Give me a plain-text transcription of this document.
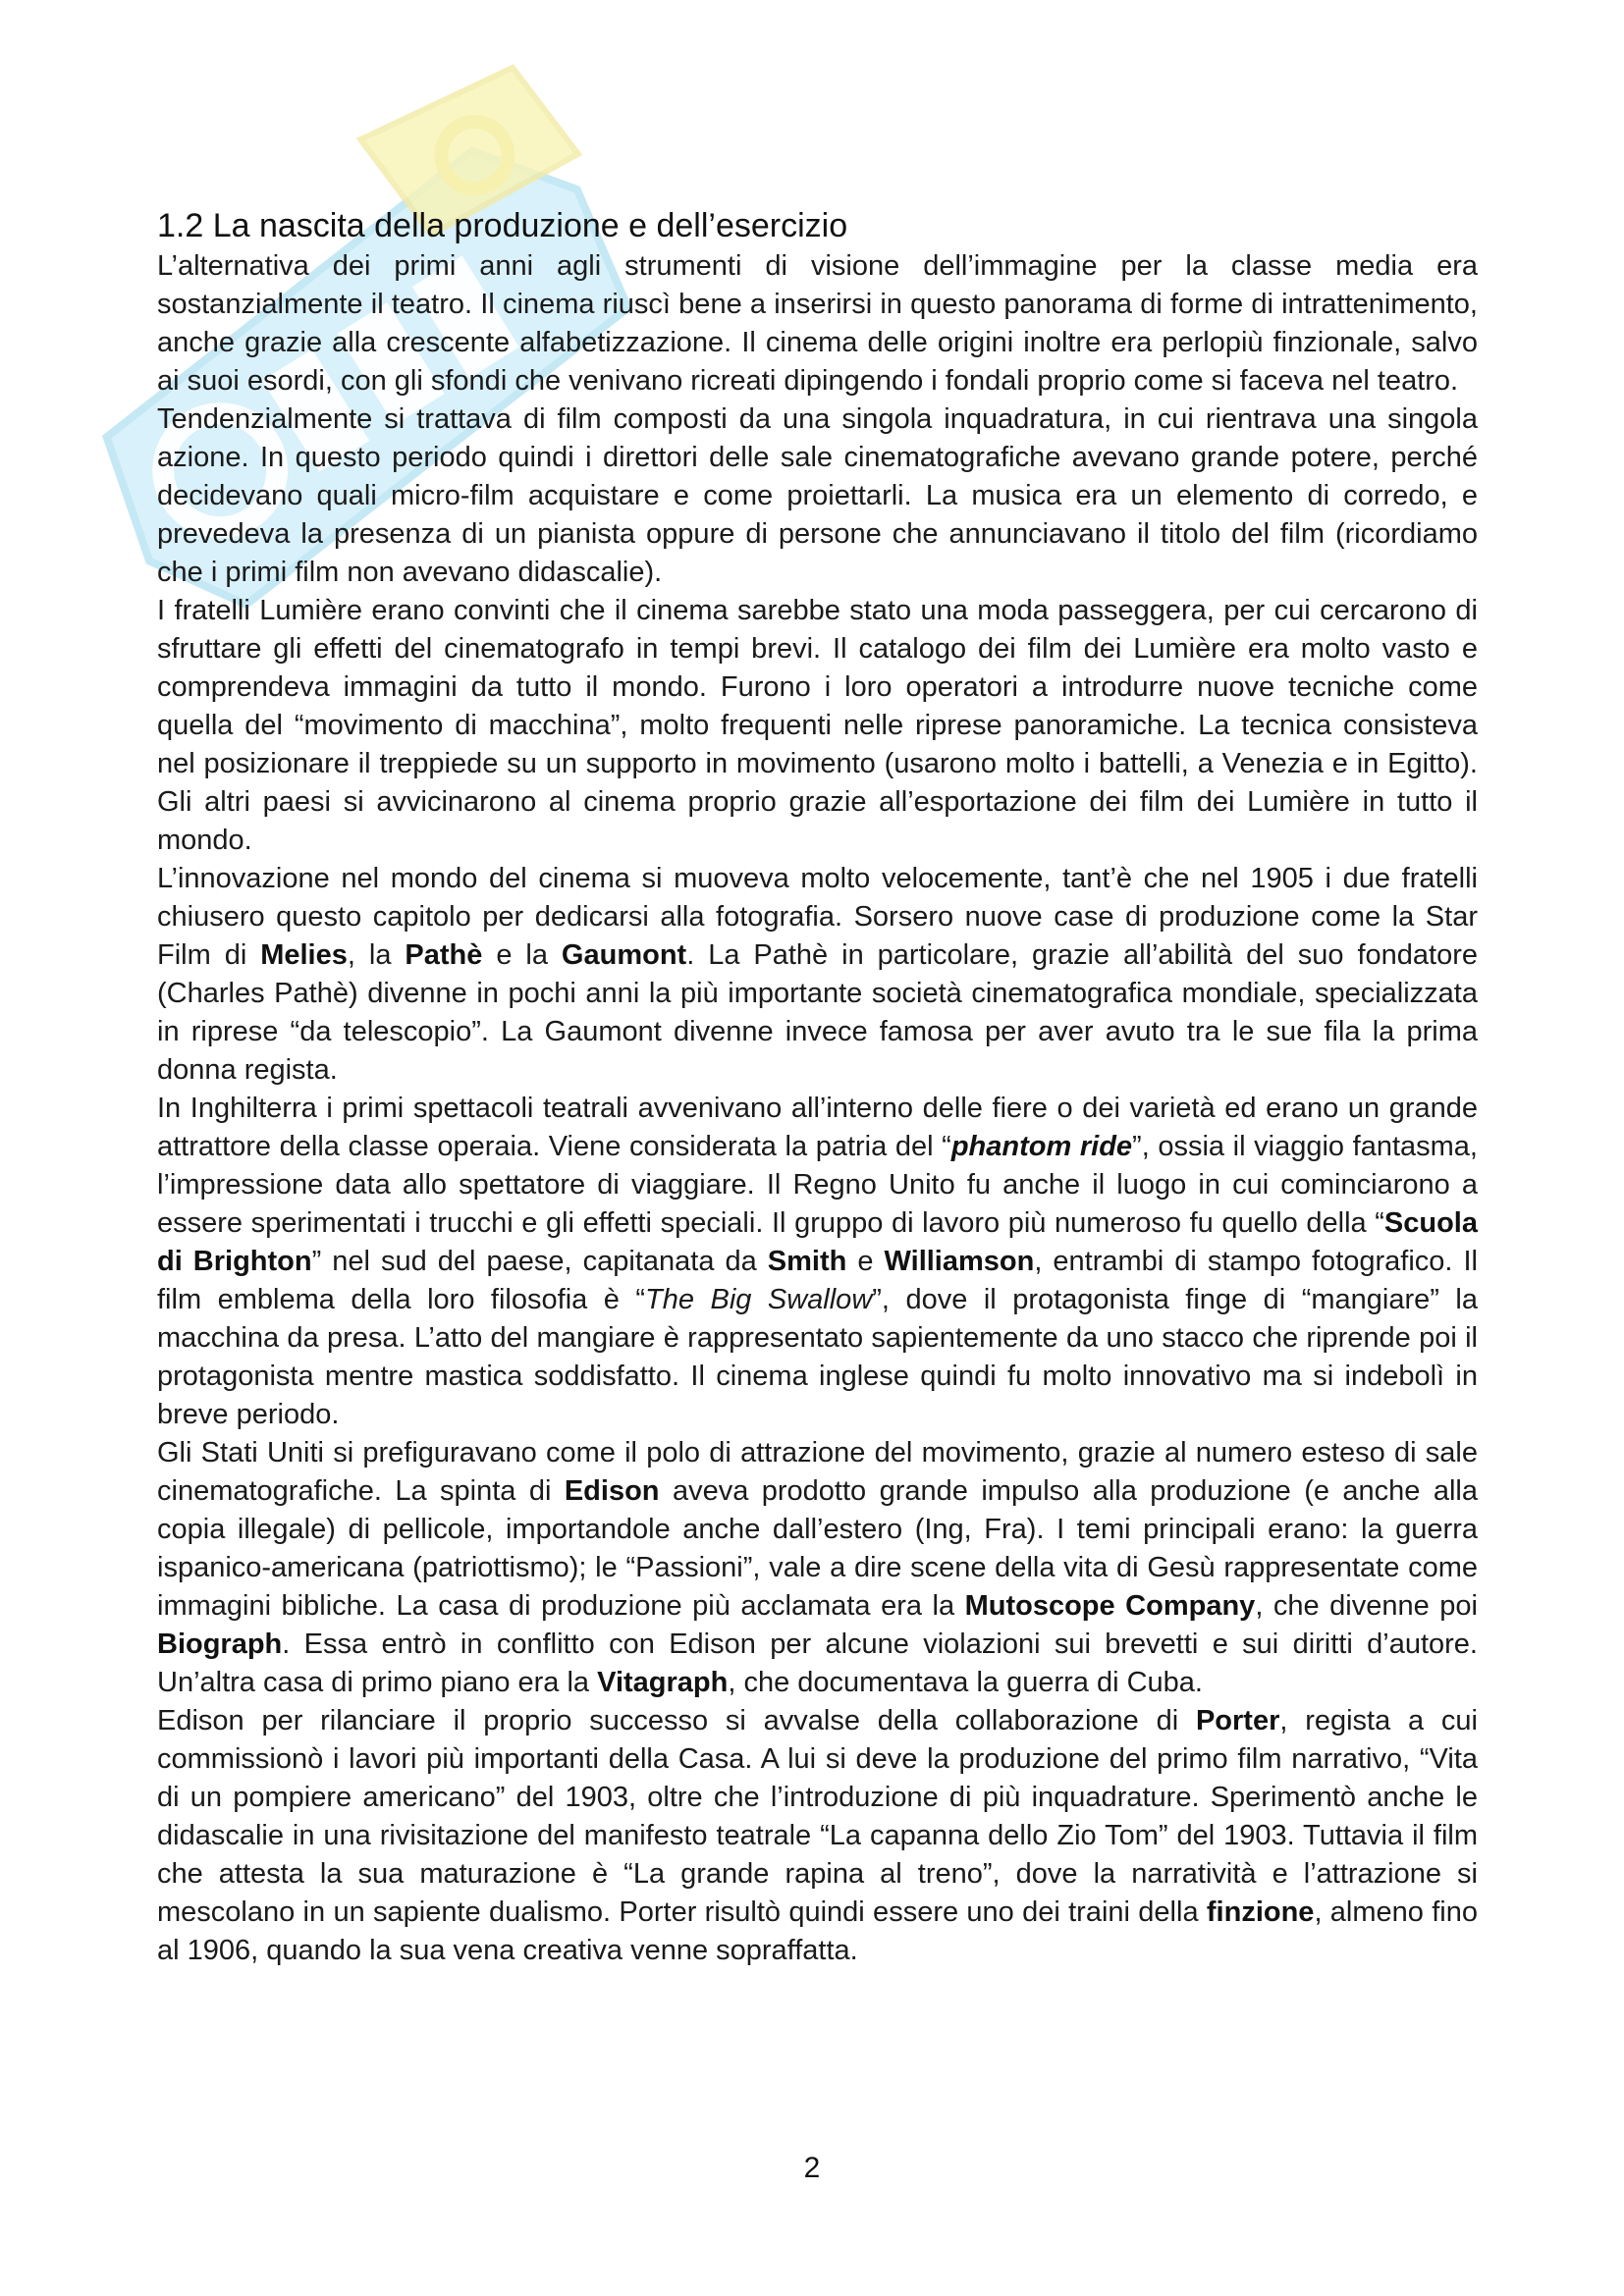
1.2 La nascita della produzione e dell’esercizio

L’alternativa dei primi anni agli strumenti di visione dell’immagine per la classe media era sostanzialmente il teatro. Il cinema riuscì bene a inserirsi in questo panorama di forme di intrattenimento, anche grazie alla crescente alfabetizzazione. Il cinema delle origini inoltre era perlopiù finzionale, salvo ai suoi esordi, con gli sfondi che venivano ricreati dipingendo i fondali proprio come si faceva nel teatro.

Tendenzialmente si trattava di film composti da una singola inquadratura, in cui rientrava una singola azione. In questo periodo quindi i direttori delle sale cinematografiche avevano grande potere, perché decidevano quali micro-film acquistare e come proiettarli. La musica era un elemento di corredo, e prevedeva la presenza di un pianista oppure di persone che annunciavano il titolo del film (ricordiamo che i primi film non avevano didascalie).

I fratelli Lumière erano convinti che il cinema sarebbe stato una moda passeggera, per cui cercarono di sfruttare gli effetti del cinematografo in tempi brevi. Il catalogo dei film dei Lumière era molto vasto e comprendeva immagini da tutto il mondo. Furono i loro operatori a introdurre nuove tecniche come quella del “movimento di macchina”, molto frequenti nelle riprese panoramiche. La tecnica consisteva nel posizionare il treppiede su un supporto in movimento (usarono molto i battelli, a Venezia e in Egitto). Gli altri paesi si avvicinarono al cinema proprio grazie all’esportazione dei film dei Lumière in tutto il mondo.

L’innovazione nel mondo del cinema si muoveva molto velocemente, tant’è che nel 1905 i due fratelli chiusero questo capitolo per dedicarsi alla fotografia. Sorsero nuove case di produzione come la Star Film di Melies, la Pathè e la Gaumont. La Pathè in particolare, grazie all’abilità del suo fondatore (Charles Pathè) divenne in pochi anni la più importante società cinematografica mondiale, specializzata in riprese “da telescopio”. La Gaumont divenne invece famosa per aver avuto tra le sue fila la prima donna regista.

In Inghilterra i primi spettacoli teatrali avvenivano all’interno delle fiere o dei varietà ed erano un grande attrattore della classe operaia. Viene considerata la patria del “phantom ride”, ossia il viaggio fantasma, l’impressione data allo spettatore di viaggiare. Il Regno Unito fu anche il luogo in cui cominciarono a essere sperimentati i trucchi e gli effetti speciali. Il gruppo di lavoro più numeroso fu quello della “Scuola di Brighton” nel sud del paese, capitanata da Smith e Williamson, entrambi di stampo fotografico. Il film emblema della loro filosofia è “The Big Swallow”, dove il protagonista finge di “mangiare” la macchina da presa. L’atto del mangiare è rappresentato sapientemente da uno stacco che riprende poi il protagonista mentre mastica soddisfatto. Il cinema inglese quindi fu molto innovativo ma si indebolì in breve periodo.

Gli Stati Uniti si prefiguravano come il polo di attrazione del movimento, grazie al numero esteso di sale cinematografiche. La spinta di Edison aveva prodotto grande impulso alla produzione (e anche alla copia illegale) di pellicole, importandole anche dall’estero (Ing, Fra). I temi principali erano: la guerra ispanico-americana (patriottismo); le “Passioni”, vale a dire scene della vita di Gesù rappresentate come immagini bibliche. La casa di produzione più acclamata era la Mutoscope Company, che divenne poi Biograph. Essa entrò in conflitto con Edison per alcune violazioni sui brevetti e sui diritti d’autore. Un’altra casa di primo piano era la Vitagraph, che documentava la guerra di Cuba.

Edison per rilanciare il proprio successo si avvalse della collaborazione di Porter, regista a cui commissionò i lavori più importanti della Casa. A lui si deve la produzione del primo film narrativo, “Vita di un pompiere americano” del 1903, oltre che l’introduzione di più inquadrature. Sperimentò anche le didascalie in una rivisitazione del manifesto teatrale “La capanna dello Zio Tom” del 1903. Tuttavia il film che attesta la sua maturazione è “La grande rapina al treno”, dove la narratività e l’attrazione si mescolano in un sapiente dualismo. Porter risultò quindi essere uno dei traini della finzione, almeno fino al 1906, quando la sua vena creativa venne sopraffatta.

2
